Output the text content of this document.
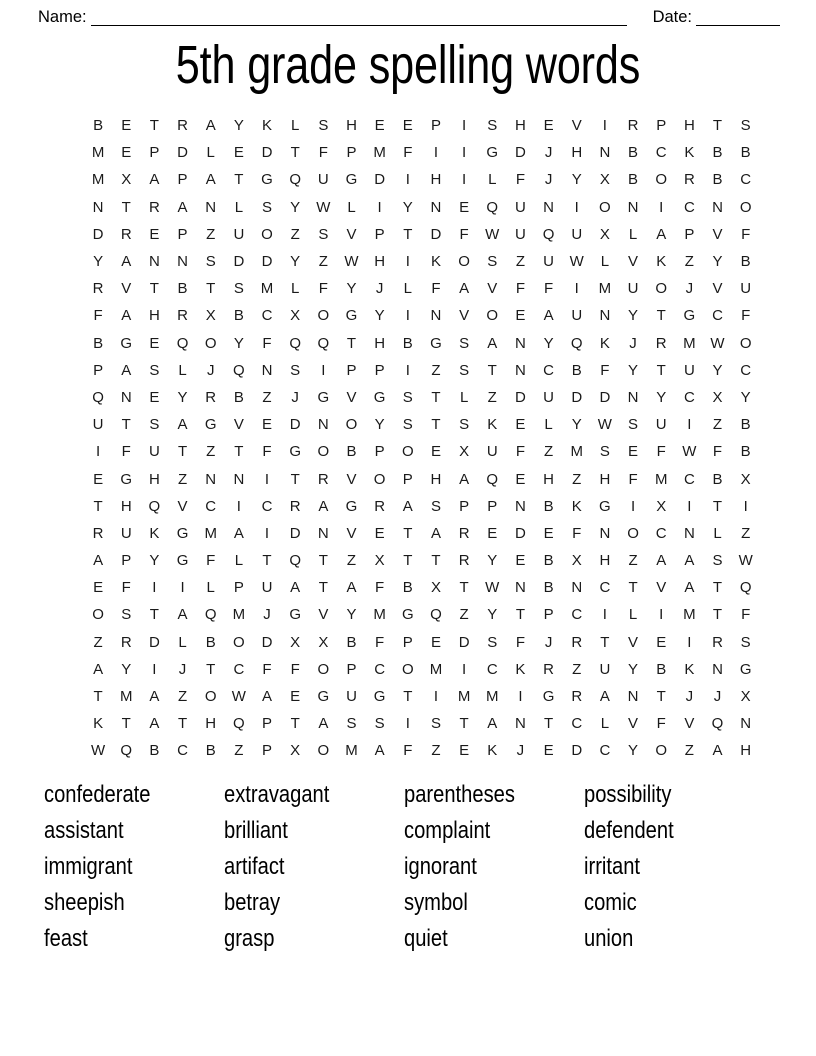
Name:	Date:
5th grade spelling words
B	E	T	R	A	Y	K	L	S	H	E	E	P	I	S	H	E	V	I	R	P	H	T	S
M	E	P	D	L	E	D	T	F	P	M	F	I	I	G	D	J	H	N	B	C	K	B	B
M	X	A	P	A	T	G	Q	U	G	D	I	H	I	L	F	J	Y	X	B	O	R	B	C
N	T	R	A	N	L	S	Y	W	L	I	Y	N	E	Q	U	N	I	O	N	I	C	N	O
D	R	E	P	Z	U	O	Z	S	V	P	T	D	F	W	U	Q	U	X	L	A	P	V	F
Y	A	N	N	S	D	D	Y	Z	W	H	I	K	O	S	Z	U	W	L	V	K	Z	Y	B
R	V	T	B	T	S	M	L	F	Y	J	L	F	A	V	F	F	I	M	U	O	J	V	U
F	A	H	R	X	B	C	X	O	G	Y	I	N	V	O	E	A	U	N	Y	T	G	C	F
B	G	E	Q	O	Y	F	Q	Q	T	H	B	G	S	A	N	Y	Q	K	J	R	M W	O
P	A	S	L	J	Q	N	S	I	P	P	I	Z	S	T	N	C	B	F	Y	T	U	Y	C
Q	N	E	Y	R	B	Z	J	G	V	G	S	T	L	Z	D	U	D	D	N	Y	C	X	Y
U	T	S	A	G	V	E	D	N	O	Y	S	T	S	K	E	L	Y	W	S	U	I	Z	B
I	F	U	T	Z	T	F	G	O	B	P	O	E	X	U	F	Z	M	S	E	F	W	F	B
E	G	H	Z	N	N	I	T	R	V	O	P	H	A	Q	E	H	Z	H	F	M	C	B	X
T	H	Q	V	C	I	C	R	A	G	R	A	S	P	P	N	B	K	G	I	X	I	T	I
R	U	K	G	M	A	I	D	N	V	E	T	A	R	E	D	E	F	N	O	C	N	L	Z
A	P	Y	G	F	L	T	Q	T	Z	X	T	T	R	Y	E	B	X	H	Z	A	A	S	W
E	F	I	I	L	P	U	A	T	A	F	B	X	T	W	N	B	N	C	T	V	A	T	Q
O	S	T	A	Q	M	J	G	V	Y	M	G	Q	Z	Y	T	P	C	I	L	I	M	T	F
Z	R	D	L	B	O	D	X	X	B	F	P	E	D	S	F	J	R	T	V	E	I	R	S
A	Y	I	J	T	C	F	F	O	P	C	O	M	I	C	K	R	Z	U	Y	B	K	N	G
T	M	A	Z	O	W	A	E	G	U	G	T	I	M	M	I	G	R	A	N	T	J	J	X
K	T	A	T	H	Q	P	T	A	S	S	I	S	T	A	N	T	C	L	V	F	V	Q	N
W	Q	B	C	B	Z	P	X	O	M	A	F	Z	E	K	J	E	D	C	Y	O	Z	A	H
confederate	extravagant	parentheses	possibility
assistant	brilliant	complaint	defendent
immigrant	artifact	ignorant	irritant
sheepish	betray	symbol	comic
feast	grasp	quiet	union
